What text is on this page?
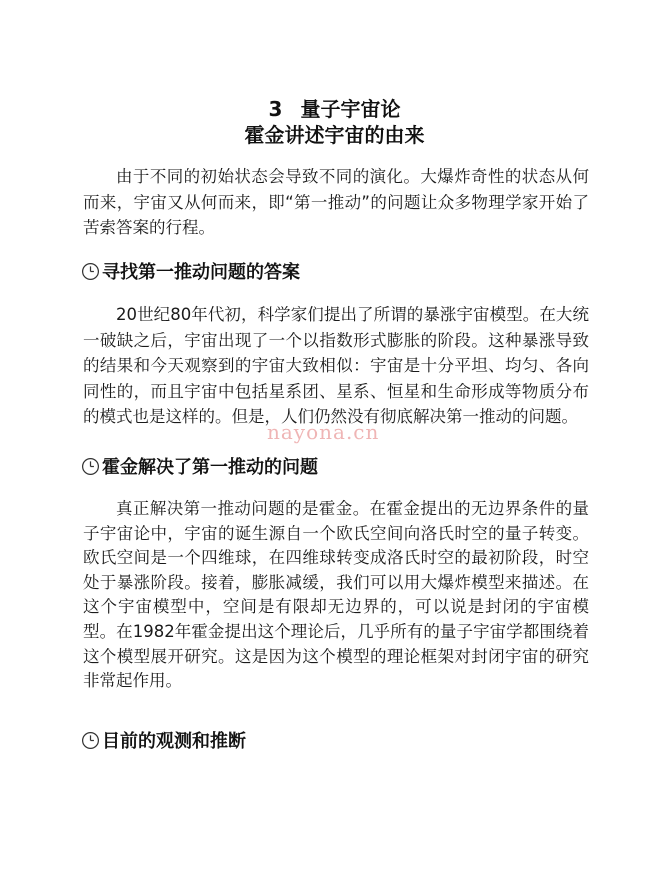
3 量子宇宙论
霍金讲述宇宙的由来
由于不同的初始状态会导致不同的演化。大爆炸奇性的状态从何而来，宇宙又从何而来，即“第一推动”的问题让众多物理学家开始了苦索答案的行程。
寻找第一推动问题的答案
20世纪80年代初，科学家们提出了所谓的暴涨宇宙模型。在大统一破缺之后，宇宙出现了一个以指数形式膨胀的阶段。这种暴涨导致的结果和今天观察到的宇宙大致相似：宇宙是十分平坦、均匀、各向同性的，而且宇宙中包括星系团、星系、恒星和生命形成等物质分布的模式也是这样的。但是，人们仍然没有彻底解决第一推动的问题。
nayona.cn
霍金解决了第一推动的问题
真正解决第一推动问题的是霍金。在霍金提出的无边界条件的量子宇宙论中，宇宙的诞生源自一个欧氏空间向洛氏时空的量子转变。欧氏空间是一个四维球，在四维球转变成洛氏时空的最初阶段，时空处于暴涨阶段。接着，膨胀减缓，我们可以用大爆炸模型来描述。在这个宇宙模型中，空间是有限却无边界的，可以说是封闭的宇宙模型。在1982年霍金提出这个理论后，几乎所有的量子宇宙学都围绕着这个模型展开研究。这是因为这个模型的理论框架对封闭宇宙的研究非常起作用。
目前的观测和推断
